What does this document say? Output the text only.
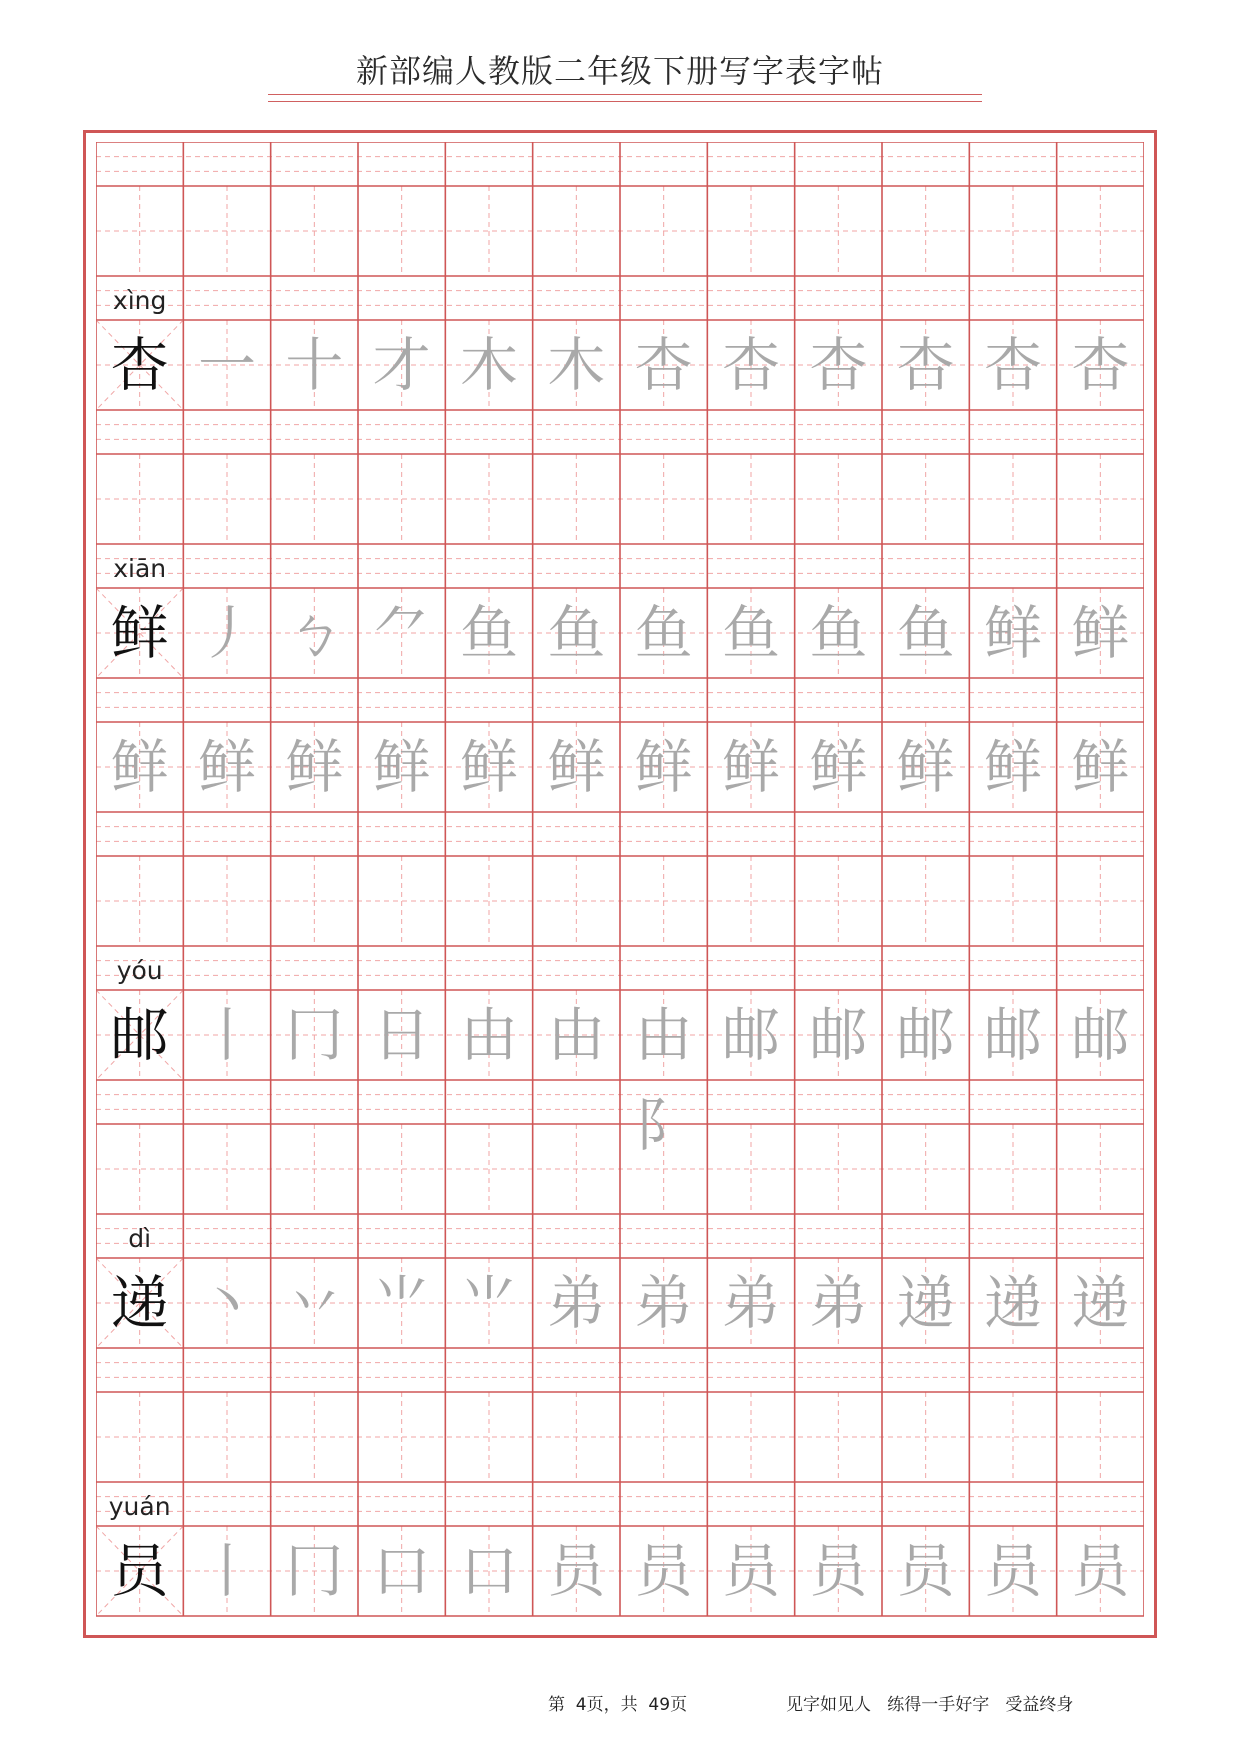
新部编人教版二年级下册写字表字帖
xìng
杏 一 十 才 木 木 杏 杏 杏 杏 杏 杏
xiān
鲜 丿 ㄅ ⺈ 鱼 鱼 鱼 鱼 鱼 鱼 鲜 鲜
鲜 鲜 鲜 鲜 鲜 鲜 鲜 鲜 鲜 鲜 鲜 鲜
yóu
邮 丨 冂 日 由 由 由阝
邮 邮 邮 邮 邮
dì
递 丶 丷 ⺌ ⺌ 弟 弟 弟 弟 递 递 递
yuán
员 丨 冂 口 口 员 员 员 员 员 员 员
第  4页，共  49页	见字如见人   练得一手好字   受益终身
